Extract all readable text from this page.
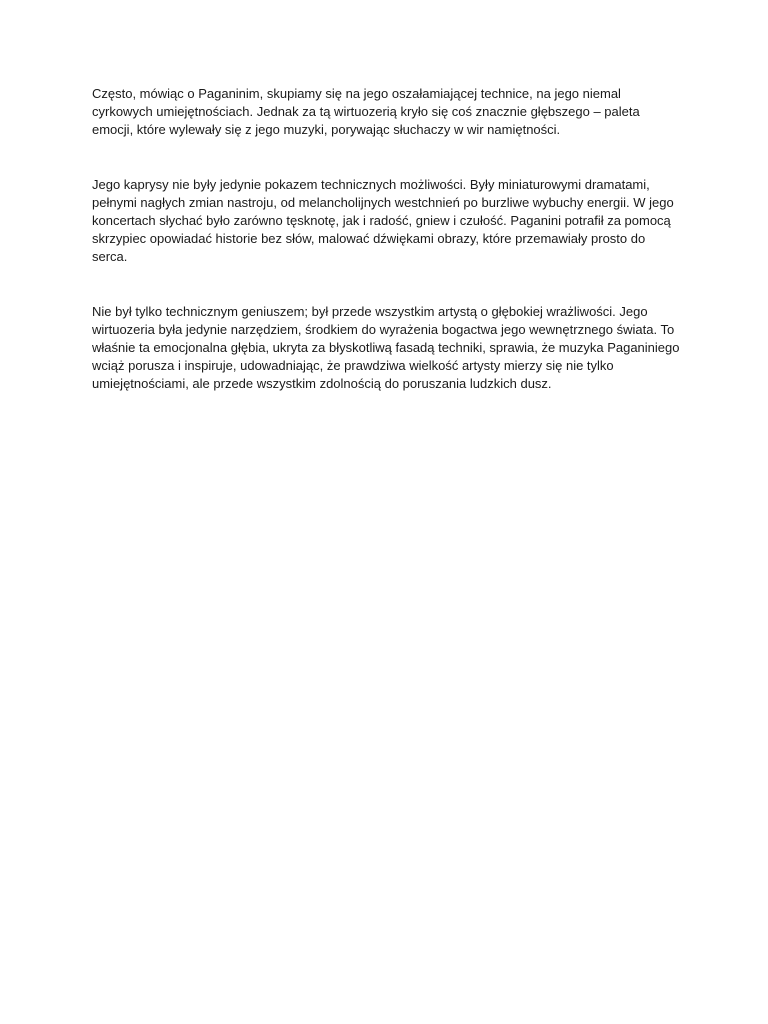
Często, mówiąc o Paganinim, skupiamy się na jego oszałamiającej technice, na jego niemal cyrkowych umiejętnościach. Jednak za tą wirtuozerią kryło się coś znacznie głębszego – paleta emocji, które wylewały się z jego muzyki, porywając słuchaczy w wir namiętności.

Jego kaprysy nie były jedynie pokazem technicznych możliwości. Były miniaturowymi dramatami, pełnymi nagłych zmian nastroju, od melancholijnych westchnień po burzliwe wybuchy energii. W jego koncertach słychać było zarówno tęsknotę, jak i radość, gniew i czułość. Paganini potrafił za pomocą skrzypiec opowiadać historie bez słów, malować dźwiękami obrazy, które przemawiały prosto do serca.

Nie był tylko technicznym geniuszem; był przede wszystkim artystą o głębokiej wrażliwości. Jego wirtuozeria była jedynie narzędziem, środkiem do wyrażenia bogactwa jego wewnętrznego świata. To właśnie ta emocjonalna głębia, ukryta za błyskotliwą fasadą techniki, sprawia, że muzyka Paganiniego wciąż porusza i inspiruje, udowadniając, że prawdziwa wielkość artysty mierzy się nie tylko umiejętnościami, ale przede wszystkim zdolnością do poruszania ludzkich dusz.
